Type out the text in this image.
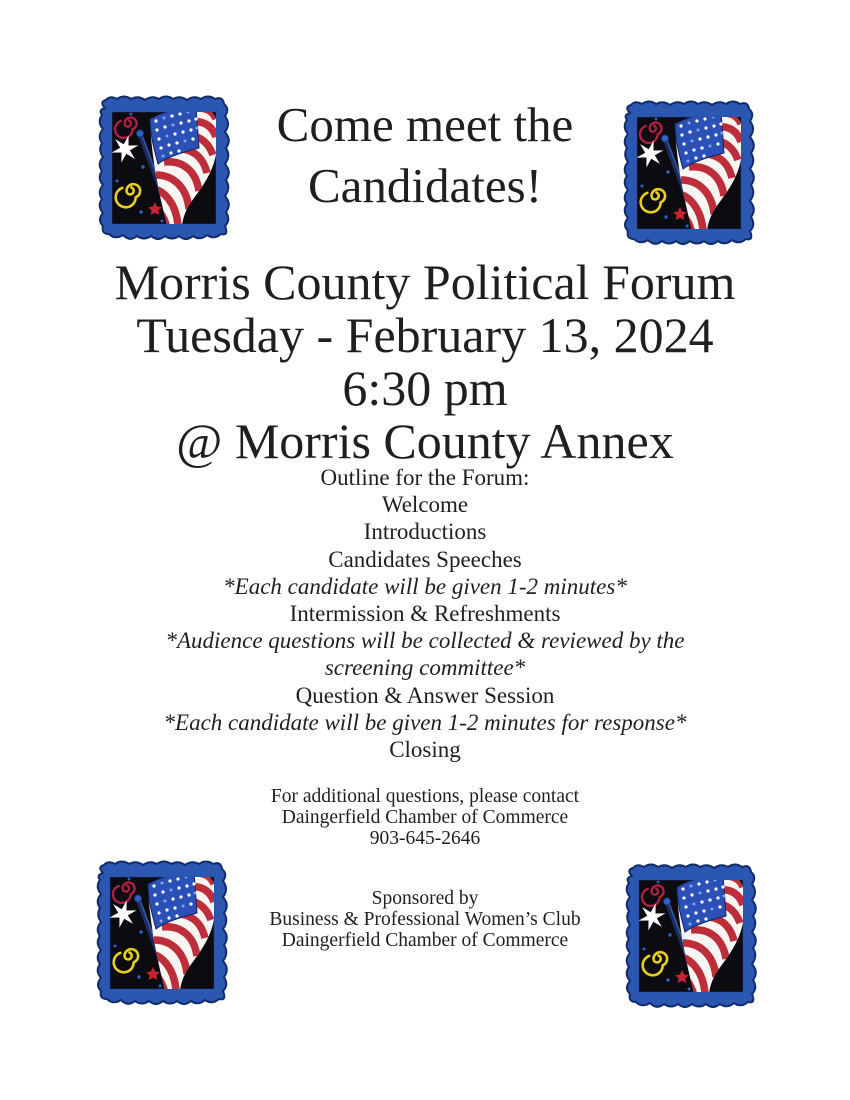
Come meet the
Candidates!
Morris County Political Forum
Tuesday - February 13, 2024
6:30 pm
@ Morris County Annex
Outline for the Forum:
Welcome
Introductions
Candidates Speeches
*Each candidate will be given 1-2 minutes*
Intermission & Refreshments
*Audience questions will be collected & reviewed by the screening committee*
Question & Answer Session
*Each candidate will be given 1-2 minutes for response*
Closing
For additional questions, please contact
Daingerfield Chamber of Commerce
903-645-2646
Sponsored by
Business & Professional Women’s Club
Daingerfield Chamber of Commerce
